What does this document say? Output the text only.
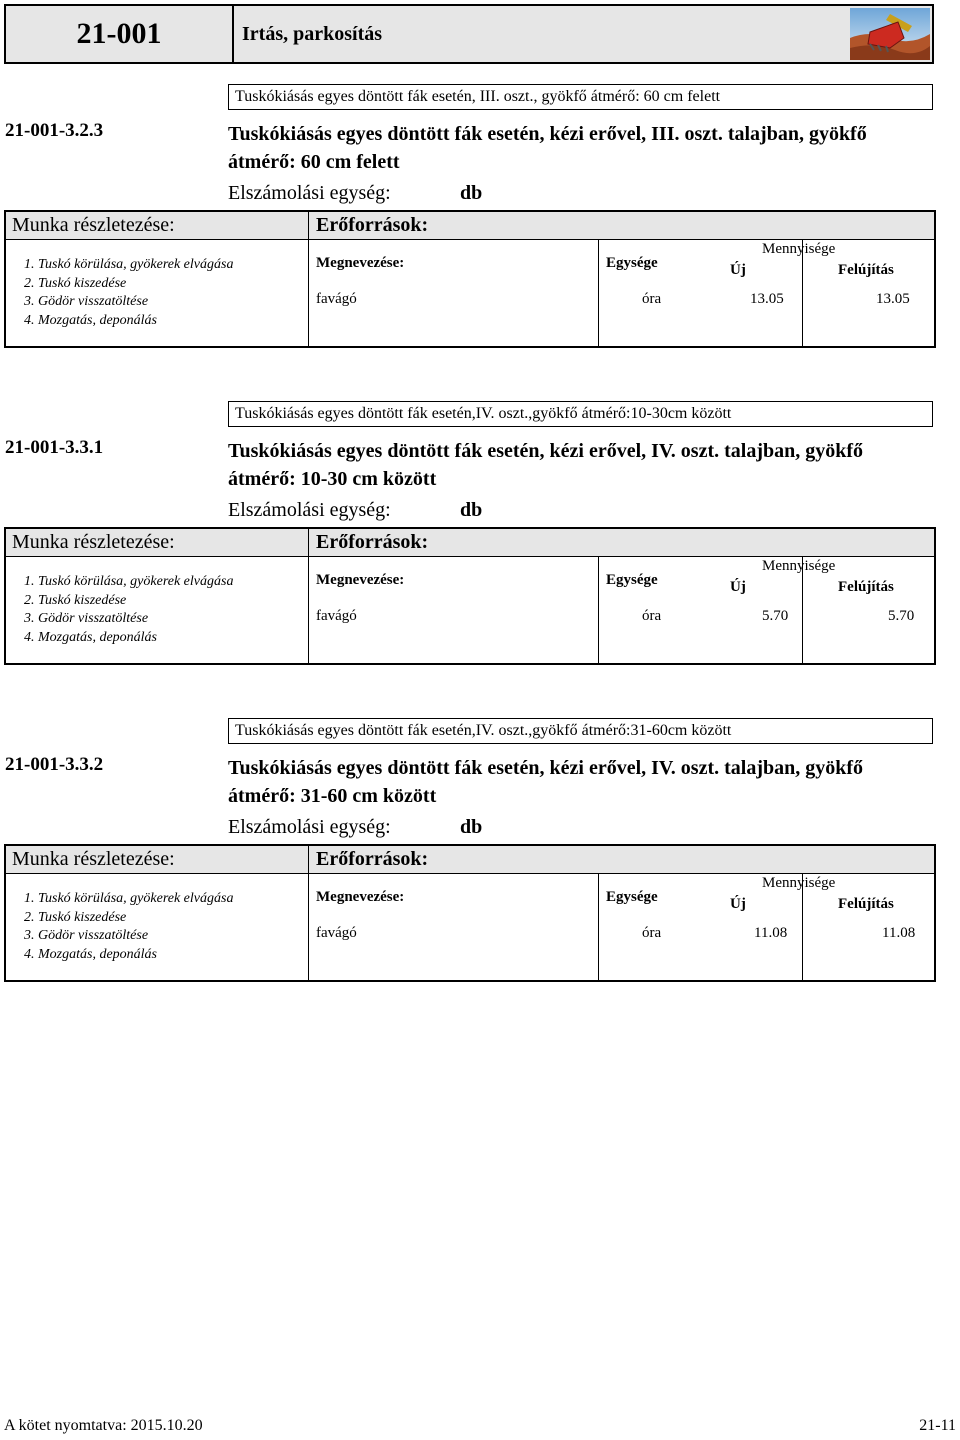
21-001	Irtás, parkosítás
Tuskókiásás egyes döntött fák esetén, III. oszt., gyökfő átmérő: 60 cm felett
21-001-3.2.3	Tuskókiásás egyes döntött fák esetén, kézi erővel, III. oszt. talajban, gyökfő
átmérő: 60 cm felett
Elszámolási egység:	db
Munka részletezése:	Erőforrások:
1. Tuskó körülása, gyökerek elvágása
2. Tuskó kiszedése
3. Gödör visszatöltése
4. Mozgatás, deponálás
Megnevezése:	Egysége
Mennyisége
Új	Felújítás
favágó	óra	13.05	13.05
Tuskókiásás egyes döntött fák esetén,IV. oszt.,gyökfő átmérő:10-30cm között
21-001-3.3.1	Tuskókiásás egyes döntött fák esetén, kézi erővel, IV. oszt. talajban, gyökfő
átmérő: 10-30 cm között
Elszámolási egység:	db
Munka részletezése:	Erőforrások:
1. Tuskó körülása, gyökerek elvágása
2. Tuskó kiszedése
3. Gödör visszatöltése
4. Mozgatás, deponálás
Megnevezése:	Egysége
Mennyisége
Új	Felújítás
favágó	óra	5.70	5.70
Tuskókiásás egyes döntött fák esetén,IV. oszt.,gyökfő átmérő:31-60cm között
21-001-3.3.2	Tuskókiásás egyes döntött fák esetén, kézi erővel, IV. oszt. talajban, gyökfő
átmérő: 31-60 cm között
Elszámolási egység:	db
Munka részletezése:	Erőforrások:
1. Tuskó körülása, gyökerek elvágása
2. Tuskó kiszedése
3. Gödör visszatöltése
4. Mozgatás, deponálás
Megnevezése:	Egysége
Mennyisége
Új	Felújítás
favágó	óra	11.08	11.08
A kötet nyomtatva: 2015.10.20	21-11
